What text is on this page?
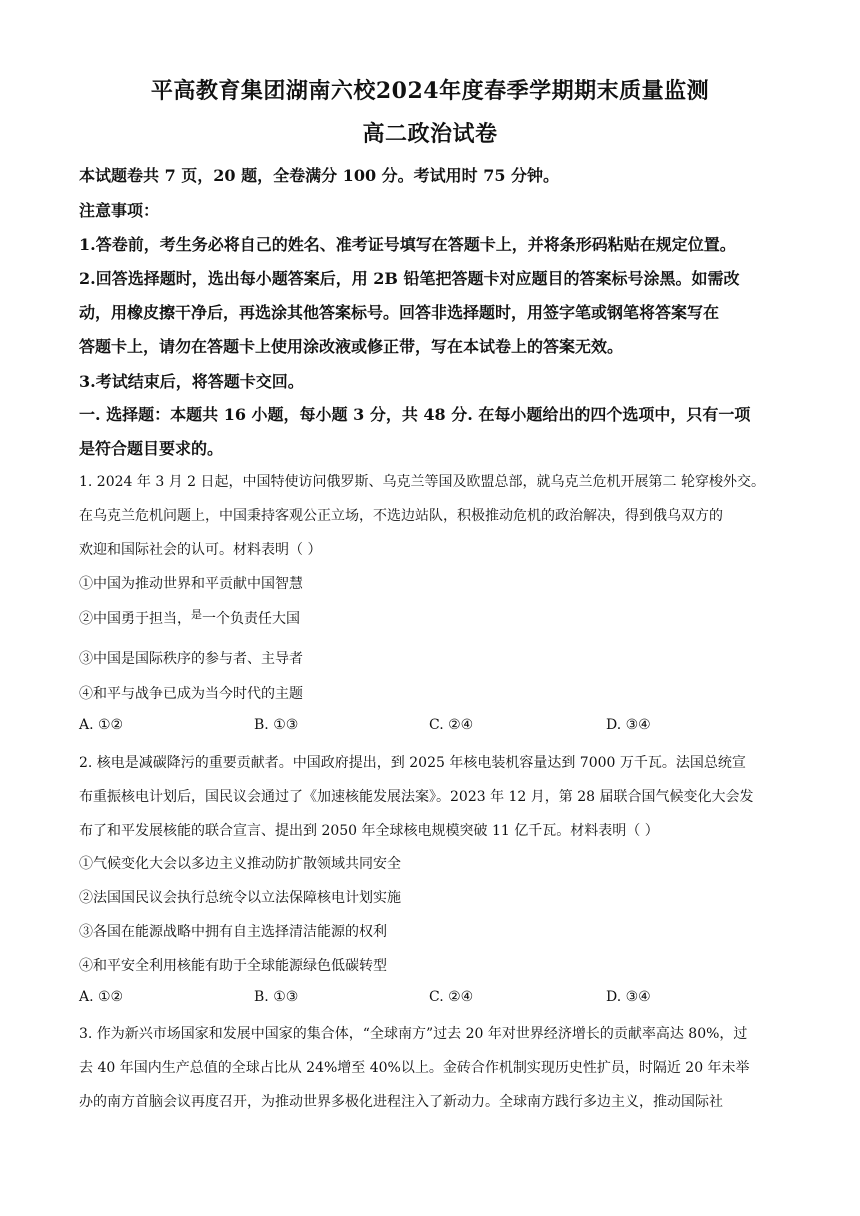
平高教育集团湖南六校2024年度春季学期期末质量监测
高二政治试卷
本试题卷共 7 页，20 题，全卷满分 100 分。考试用时 75 分钟。
注意事项：
1.答卷前，考生务必将自己的姓名、准考证号填写在答题卡上，并将条形码粘贴在规定位置。
2.回答选择题时，选出每小题答案后，用 2B 铅笔把答题卡对应题目的答案标号涂黑。如需改
动，用橡皮擦干净后，再选涂其他答案标号。回答非选择题时，用签字笔或钢笔将答案写在
答题卡上，请勿在答题卡上使用涂改液或修正带，写在本试卷上的答案无效。
3.考试结束后，将答题卡交回。
一. 选择题：本题共 16 小题，每小题 3 分，共 48 分. 在每小题给出的四个选项中，只有一项
是符合题目要求的。
1. 2024 年 3 月 2 日起，中国特使访问俄罗斯、乌克兰等国及欧盟总部，就乌克兰危机开展第二 轮穿梭外交。
在乌克兰危机问题上，中国秉持客观公正立场，不选边站队，积极推动危机的政治解决，得到俄乌双方的
欢迎和国际社会的认可。材料表明（ ）
①中国为推动世界和平贡献中国智慧
②中国勇于担当，$^是$一个负责任大国
③中国是国际秩序的参与者、主导者
④和平与战争已成为当今时代的主题
A. ①②	B. ①③	C. ②④	D. ③④
2. 核电是减碳降污的重要贡献者。中国政府提出，到 2025 年核电装机容量达到 7000 万千瓦。法国总统宣
布重振核电计划后，国民议会通过了《加速核能发展法案》。2023 年 12 月，第 28 届联合国气候变化大会发
布了和平发展核能的联合宣言、提出到 2050 年全球核电规模突破 11 亿千瓦。材料表明（ ）
①气候变化大会以多边主义推动防扩散领域共同安全
②法国国民议会执行总统令以立法保障核电计划实施
③各国在能源战略中拥有自主选择清洁能源的权利
④和平安全利用核能有助于全球能源绿色低碳转型
A. ①②	B. ①③	C. ②④	D. ③④
3. 作为新兴市场国家和发展中国家的集合体，“全球南方”过去 20 年对世界经济增长的贡献率高达 80%，过
去 40 年国内生产总值的全球占比从 24%增至 40%以上。金砖合作机制实现历史性扩员，时隔近 20 年未举
办的南方首脑会议再度召开，为推动世界多极化进程注入了新动力。全球南方践行多边主义，推动国际社
